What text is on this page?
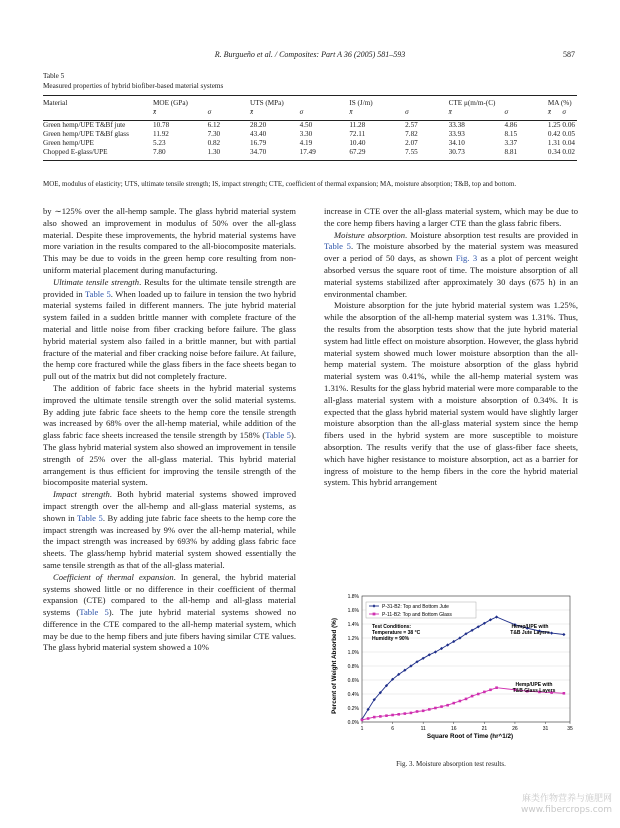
R. Burgueño et al. / Composites: Part A 36 (2005) 581–593	587
Table 5
Measured properties of hybrid biofiber-based material systems

Material	MOE (GPa)		UTS (MPa)		IS (J/m)		CTE μ(m/m-(C)		MA (%)	
	x̄	σ	x̄	σ	x̄	σ	x̄	σ	x̄	σ

Green hemp/UPE T&Bf jute	10.78	6.12	28.20	4.50	11.28	2.57	33.38	4.86	1.25	0.06
Green hemp/UPE T&Bf glass	11.92	7.30	43.40	3.30	72.11	7.82	33.93	8.15	0.42	0.05
Green hemp/UPE	5.23	0.82	16.79	4.19	10.40	2.07	34.10	3.37	1.31	0.04
Chopped E-glass/UPE	7.80	1.30	34.70	17.49	67.29	7.55	30.73	8.81	0.34	0.02

MOE, modulus of elasticity; UTS, ultimate tensile strength; IS, impact strength; CTE, coefficient of thermal expansion; MA, moisture absorption; T&B, top and bottom.

by ∼125% over the all-hemp sample. The glass hybrid material system also showed an improvement in modulus of 50% over the all-glass material. Despite these improvements, the hybrid material systems have more variation in the results compared to the all-biocomposite materials. This may be due to voids in the green hemp core resulting from non-uniform material placement during manufacturing.

Ultimate tensile strength. Results for the ultimate tensile strength are provided in Table 5. When loaded up to failure in tension the two hybrid material systems failed in different manners. The jute hybrid material system failed in a sudden brittle manner with complete fracture of the material and little noise from fiber cracking before failure. The glass hybrid material system also failed in a brittle manner, but with partial fracture of the material and fiber cracking noise before failure. At failure, the hemp core fractured while the glass fibers in the face sheets began to pull out of the matrix but did not completely fracture.

The addition of fabric face sheets in the hybrid material systems improved the ultimate tensile strength over the solid material systems. By adding jute fabric face sheets to the hemp core the tensile strength was increased by 68% over the all-hemp material, while addition of the glass fabric face sheets increased the tensile strength by 158% (Table 5). The glass hybrid material system also showed an improvement in tensile strength of 25% over the all-glass material. This hybrid material arrangement is thus efficient for improving the tensile strength of the biocomposite material system.

Impact strength. Both hybrid material systems showed improved impact strength over the all-hemp and all-glass material systems, as shown in Table 5. By adding jute fabric face sheets to the hemp core the impact strength was increased by 9% over the all-hemp material, while the impact strength was increased by 693% by adding glass fabric face sheets. The glass/hemp hybrid material system showed essentially the same tensile strength as that of the all-glass material.

Coefficient of thermal expansion. In general, the hybrid material systems showed little or no difference in their coefficient of thermal expansion (CTE) compared to the all-hemp and all-glass material systems (Table 5). The jute hybrid material systems showed no difference in the CTE compared to the all-hemp material system, which may be due to the hemp fibers and jute fibers having similar CTE values. The glass hybrid material system showed a 10%

increase in CTE over the all-glass material system, which may be due to the core hemp fibers having a larger CTE than the glass fabric fibers.

Moisture absorption. Moisture absorption test results are provided in Table 5. The moisture absorbed by the material system was measured over a period of 50 days, as shown Fig. 3 as a plot of percent weight absorbed versus the square root of time. The moisture absorption of all material systems stabilized after approximately 30 days (675 h) in an environmental chamber.

Moisture absorption for the jute hybrid material system was 1.25%, while the absorption of the all-hemp material system was 1.31%. Thus, the results from the absorption tests show that the jute hybrid material system had little effect on moisture absorption. However, the glass hybrid material system showed much lower moisture absorption than the all-hemp material system. The moisture absorption of the glass hybrid material system was 0.41%, while the all-hemp material system was 1.31%. Results for the glass hybrid material were more comparable to the all-glass material system with a moisture absorption of 0.34%. It is expected that the glass hybrid material system would have slightly larger moisture absorption than the all-glass material system since the hemp fibers used in the hybrid system are more susceptible to moisture absorption. The results verify that the use of glass-fiber face sheets, which have higher resistance to moisture absorption, act as a barrier for ingress of moisture to the hemp fibers in the core the hybrid material system. This hybrid arrangement

0.0%
0.2%
0.4%
0.6%
0.8%
1.0%
1.2%
1.4%
1.6%
1.8%
1	6	11	16	21	26	31	35
Percent of Weight Absorbed (%)
Square Root of Time (hr^1/2)
P-31-B2: Top and Bottom Jute
P-11-B2: Top and Bottom Glass
Test Conditions:
Temperature = 38 °C
Humidity = 90%
Hemp/UPE with
T&B Jute Layers
Hemp/UPE with
T&B Glass Layers
Fig. 3. Moisture absorption test results.
麻类作物营养与施肥网
www.fibercrops.com
